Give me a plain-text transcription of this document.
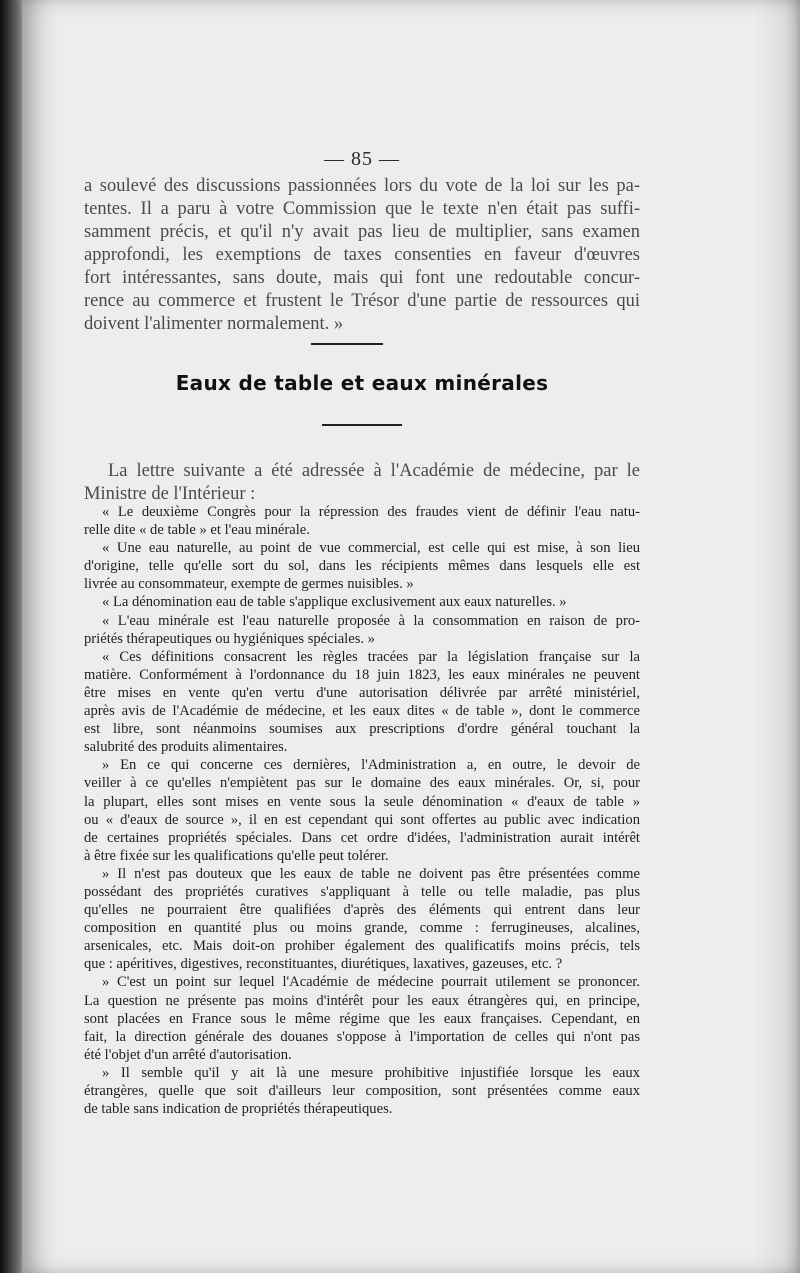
— 85 —
a soulevé des discussions passionnées lors du vote de la loi sur les pa-
tentes. Il a paru à votre Commission que le texte n'en était pas suffi-
samment précis, et qu'il n'y avait pas lieu de multiplier, sans examen
approfondi, les exemptions de taxes consenties en faveur d'œuvres
fort intéressantes, sans doute, mais qui font une redoutable concur-
rence au commerce et frustent le Trésor d'une partie de ressources qui
doivent l'alimenter normalement. »
Eaux de table et eaux minérales
La lettre suivante a été adressée à l'Académie de médecine, par le
Ministre de l'Intérieur :
« Le deuxième Congrès pour la répression des fraudes vient de définir l'eau natu-
relle dite « de table » et l'eau minérale.
« Une eau naturelle, au point de vue commercial, est celle qui est mise, à son lieu
d'origine, telle qu'elle sort du sol, dans les récipients mêmes dans lesquels elle est
livrée au consommateur, exempte de germes nuisibles. »
« La dénomination eau de table s'applique exclusivement aux eaux naturelles. »
« L'eau minérale est l'eau naturelle proposée à la consommation en raison de pro-
priétés thérapeutiques ou hygiéniques spéciales. »
« Ces définitions consacrent les règles tracées par la législation française sur la
matière. Conformément à l'ordonnance du 18 juin 1823, les eaux minérales ne peuvent
être mises en vente qu'en vertu d'une autorisation délivrée par arrêté ministériel,
après avis de l'Académie de médecine, et les eaux dites « de table », dont le commerce
est libre, sont néanmoins soumises aux prescriptions d'ordre général touchant la
salubrité des produits alimentaires.
» En ce qui concerne ces dernières, l'Administration a, en outre, le devoir de
veiller à ce qu'elles n'empiètent pas sur le domaine des eaux minérales. Or, si, pour
la plupart, elles sont mises en vente sous la seule dénomination « d'eaux de table »
ou « d'eaux de source », il en est cependant qui sont offertes au public avec indication
de certaines propriétés spéciales. Dans cet ordre d'idées, l'administration aurait intérêt
à être fixée sur les qualifications qu'elle peut tolérer.
» Il n'est pas douteux que les eaux de table ne doivent pas être présentées comme
possédant des propriétés curatives s'appliquant à telle ou telle maladie, pas plus
qu'elles ne pourraient être qualifiées d'après des éléments qui entrent dans leur
composition en quantité plus ou moins grande, comme : ferrugineuses, alcalines,
arsenicales, etc. Mais doit-on prohiber également des qualificatifs moins précis, tels
que : apéritives, digestives, reconstituantes, diurétiques, laxatives, gazeuses, etc. ?
» C'est un point sur lequel l'Académie de médecine pourrait utilement se prononcer.
La question ne présente pas moins d'intérêt pour les eaux étrangères qui, en principe,
sont placées en France sous le même régime que les eaux françaises. Cependant, en
fait, la direction générale des douanes s'oppose à l'importation de celles qui n'ont pas
été l'objet d'un arrêté d'autorisation.
» Il semble qu'il y ait là une mesure prohibitive injustifiée lorsque les eaux
étrangères, quelle que soit d'ailleurs leur composition, sont présentées comme eaux
de table sans indication de propriétés thérapeutiques.
